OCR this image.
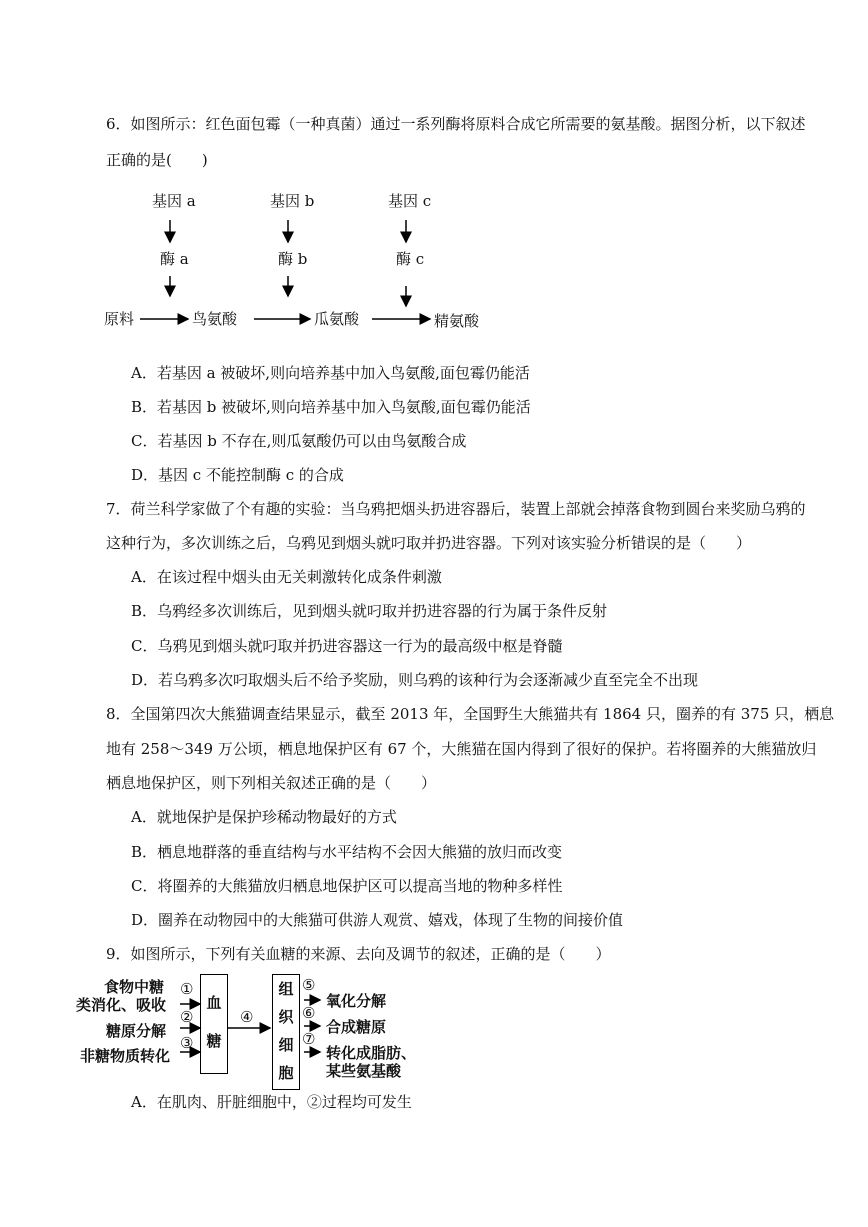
6．如图所示：红色面包霉（一种真菌）通过一系列酶将原料合成它所需要的氨基酸。据图分析，以下叙述
正确的是(　　)
基因 a	基因 b	基因 c
酶 a	酶 b	酶 c
原料	鸟氨酸	瓜氨酸	精氨酸
A．若基因 a 被破坏,则向培养基中加入鸟氨酸,面包霉仍能活
B．若基因 b 被破坏,则向培养基中加入鸟氨酸,面包霉仍能活
C．若基因 b 不存在,则瓜氨酸仍可以由鸟氨酸合成
D．基因 c 不能控制酶 c 的合成
7．荷兰科学家做了个有趣的实验：当乌鸦把烟头扔进容器后，装置上部就会掉落食物到圆台来奖励乌鸦的
这种行为，多次训练之后，乌鸦见到烟头就叼取并扔进容器。下列对该实验分析错误的是（　　）
A．在该过程中烟头由无关刺激转化成条件刺激
B．乌鸦经多次训练后，见到烟头就叼取并扔进容器的行为属于条件反射
C．乌鸦见到烟头就叼取并扔进容器这一行为的最高级中枢是脊髓
D．若乌鸦多次叼取烟头后不给予奖励，则乌鸦的该种行为会逐渐减少直至完全不出现
8．全国第四次大熊猫调查结果显示，截至 2013 年，全国野生大熊猫共有 1864 只，圈养的有 375 只，栖息
地有 258～349 万公顷，栖息地保护区有 67 个，大熊猫在国内得到了很好的保护。若将圈养的大熊猫放归
栖息地保护区，则下列相关叙述正确的是（　　）
A．就地保护是保护珍稀动物最好的方式
B．栖息地群落的垂直结构与水平结构不会因大熊猫的放归而改变
C．将圈养的大熊猫放归栖息地保护区可以提高当地的物种多样性
D．圈养在动物园中的大熊猫可供游人观赏、嬉戏，体现了生物的间接价值
9．如图所示，下列有关血糖的来源、去向及调节的叙述，正确的是（　　）
食物中糖
类消化、吸收
糖原分解
非糖物质转化
①
②
③
④
血
糖
组
织
细
胞
⑤
⑥
⑦
氧化分解
合成糖原
转化成脂肪、
某些氨基酸
A．在肌肉、肝脏细胞中，②过程均可发生
